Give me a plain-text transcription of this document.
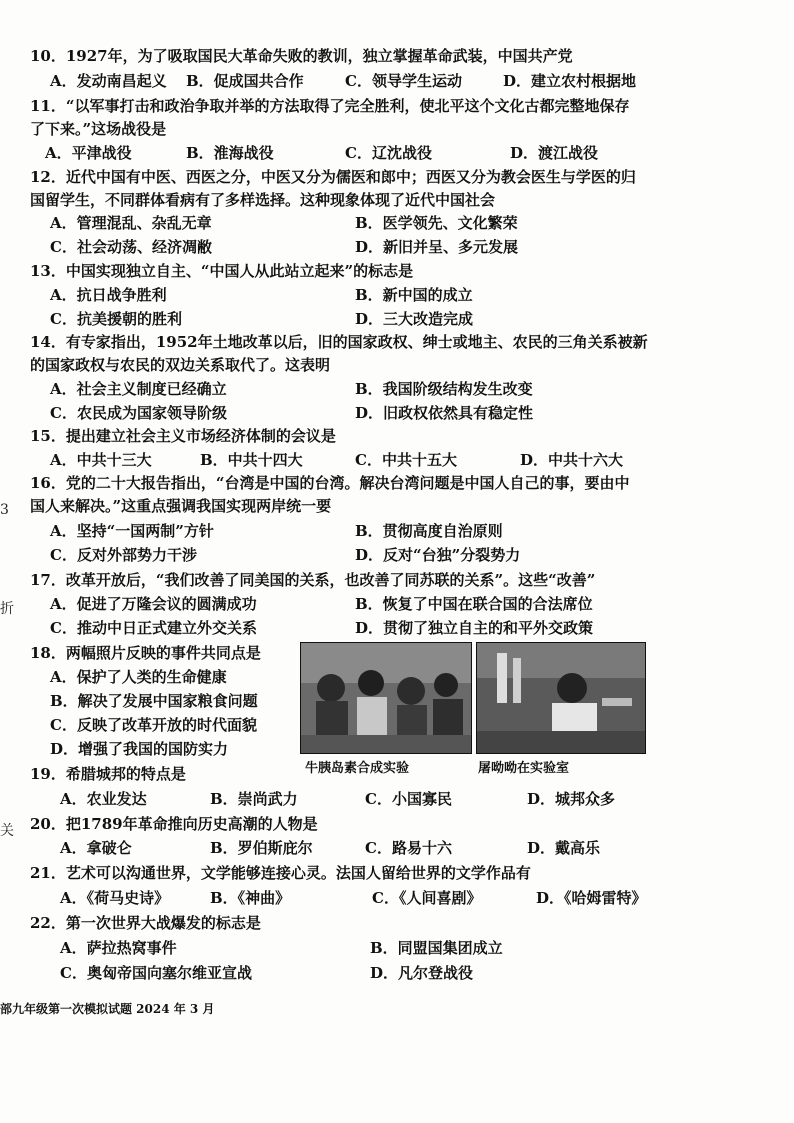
10．1927年，为了吸取国民大革命失败的教训，独立掌握革命武装，中国共产党
A．发动南昌起义 B．促成国共合作	C．领导学生运动	D．建立农村根据地
11．“以军事打击和政治争取并举的方法取得了完全胜利，使北平这个文化古都完整地保存
了下来。”这场战役是
A．平津战役	B．淮海战役	C．辽沈战役	D．渡江战役
12．近代中国有中医、西医之分，中医又分为儒医和郎中；西医又分为教会医生与学医的归
国留学生，不同群体看病有了多样选择。这种现象体现了近代中国社会
A．管理混乱、杂乱无章	B．医学领先、文化繁荣
C．社会动荡、经济凋敝	D．新旧并呈、多元发展
13．中国实现独立自主、“中国人从此站立起来”的标志是
A．抗日战争胜利	B．新中国的成立
C．抗美援朝的胜利	D．三大改造完成
14．有专家指出，1952年土地改革以后，旧的国家政权、绅士或地主、农民的三角关系被新
的国家政权与农民的双边关系取代了。这表明
A．社会主义制度已经确立	B．我国阶级结构发生改变
C．农民成为国家领导阶级	D．旧政权依然具有稳定性
15．提出建立社会主义市场经济体制的会议是
A．中共十三大	B．中共十四大	C．中共十五大	D．中共十六大
16．党的二十大报告指出，“台湾是中国的台湾。解决台湾问题是中国人自己的事，要由中
国人来解决。”这重点强调我国实现两岸统一要
A．坚持“一国两制”方针	B．贯彻高度自治原则
C．反对外部势力干涉	D．反对“台独”分裂势力
17．改革开放后，“我们改善了同美国的关系，也改善了同苏联的关系”。这些“改善”
A．促进了万隆会议的圆满成功	B．恢复了中国在联合国的合法席位
C．推动中日正式建立外交关系	D．贯彻了独立自主的和平外交政策
18．两幅照片反映的事件共同点是
A．保护了人类的生命健康
B．解决了发展中国家粮食问题
C．反映了改革开放的时代面貌
D．增强了我国的国防实力
牛胰岛素合成实验	屠呦呦在实验室
19．希腊城邦的特点是
A．农业发达	B．崇尚武力	C．小国寡民	D．城邦众多
20．把1789年革命推向历史高潮的人物是
A．拿破仑	B．罗伯斯庇尔	C．路易十六	D．戴高乐
21．艺术可以沟通世界，文学能够连接心灵。法国人留给世界的文学作品有
A．《荷马史诗》	B．《神曲》	C．《人间喜剧》	D．《哈姆雷特》
22．第一次世界大战爆发的标志是
A．萨拉热窝事件	B．同盟国集团成立
C．奥匈帝国向塞尔维亚宣战	D．凡尔登战役
3
折
关
部九年级第一次模拟试题 2024 年 3 月
